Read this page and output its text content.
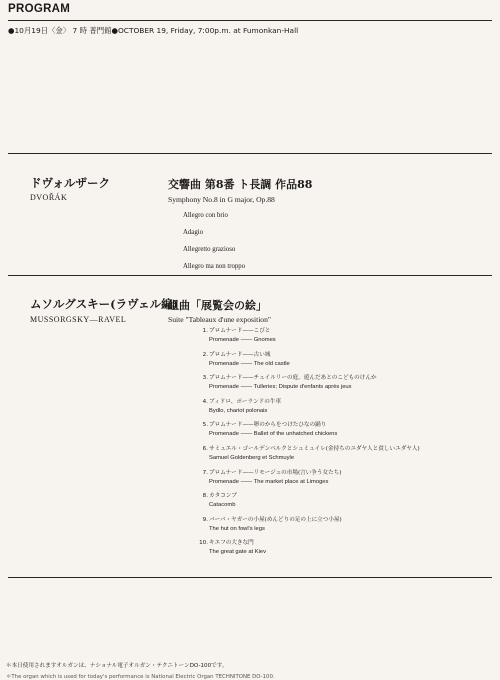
PROGRAM
●10月19日〈金〉 7 時 普門館●OCTOBER 19, Friday, 7:00p.m. at Fumonkan-Hall
ドヴォルザーク
DVOŘÁK
交響曲 第8番 ト長調 作品88
Symphony No.8 in G major, Op.88
Allegro con brio
Adagio
Allegretto grazioso
Allegro ma non troppo
ムソルグスキー(ラヴェル編)
MUSSORGSKY—RAVEL
組曲「展覧会の絵」
Suite "Tableaux d'une exposition"
1. プロムナード——こびと
Promenade —— Gnomes
2. プロムナード——古い城
Promenade —— The old castle
3. プロムナード——チュイルリーの庭。遊んだあとのこどものけんか
Promenade —— Tulleries; Dispute d'enfants après jeux
4. ブィドロ、ポーランドの牛車
Bydlo, chariot polonais
5. プロムナード——卵のからをつけたひなの踊り
Promenade —— Ballet of the unhatched chickens
6. サミュエル・ゴールデンベルクとシュミュイレ(金持ちのユダヤ人と貧しいユダヤ人)
Samuel Goldenberg et Schmuyle
7. プロムナード——リモージュの市場(言い争う女たち)
Promenade —— The market place at Limoges
8. カタコンブ
Catacomb
9. バーバ・ヤガーの小屋(めんどりの足の上に立つ小屋)
The hut on fowl's legs
10. キエフの大きな門
The great gate at Kiev
＊本日使用されますオルガンは、ナショナル電子オルガン・テクニトーンDO-100です。
＊The organ which is used for today's performance is National Electric Organ TECHNITONE DO-100.
